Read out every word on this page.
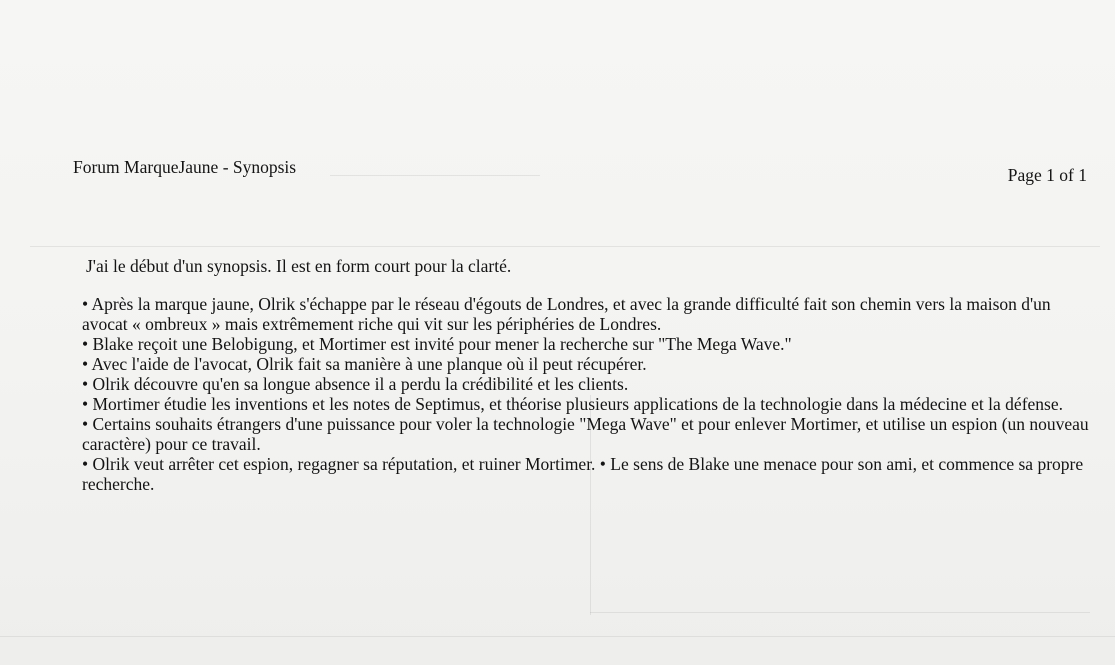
Forum MarqueJaune - Synopsis	Page 1 of 1

J'ai le début d'un synopsis. Il est en form court pour la clarté.

• Après la marque jaune, Olrik s'échappe par le réseau d'égouts de Londres, et avec la grande difficulté fait son chemin vers la maison d'un avocat « ombreux » mais extrêmement riche qui vit sur les périphéries de Londres.

• Blake reçoit une Belobigung, et Mortimer est invité pour mener la recherche sur "The Mega Wave."

• Avec l'aide de l'avocat, Olrik fait sa manière à une planque où il peut récupérer.

• Olrik découvre qu'en sa longue absence il a perdu la crédibilité et les clients.

• Mortimer étudie les inventions et les notes de Septimus, et théorise plusieurs applications de la technologie dans la médecine et la défense.

• Certains souhaits étrangers d'une puissance pour voler la technologie "Mega Wave" et pour enlever Mortimer, et utilise un espion (un nouveau caractère) pour ce travail.

• Olrik veut arrêter cet espion, regagner sa réputation, et ruiner Mortimer. • Le sens de Blake une menace pour son ami, et commence sa propre recherche.
